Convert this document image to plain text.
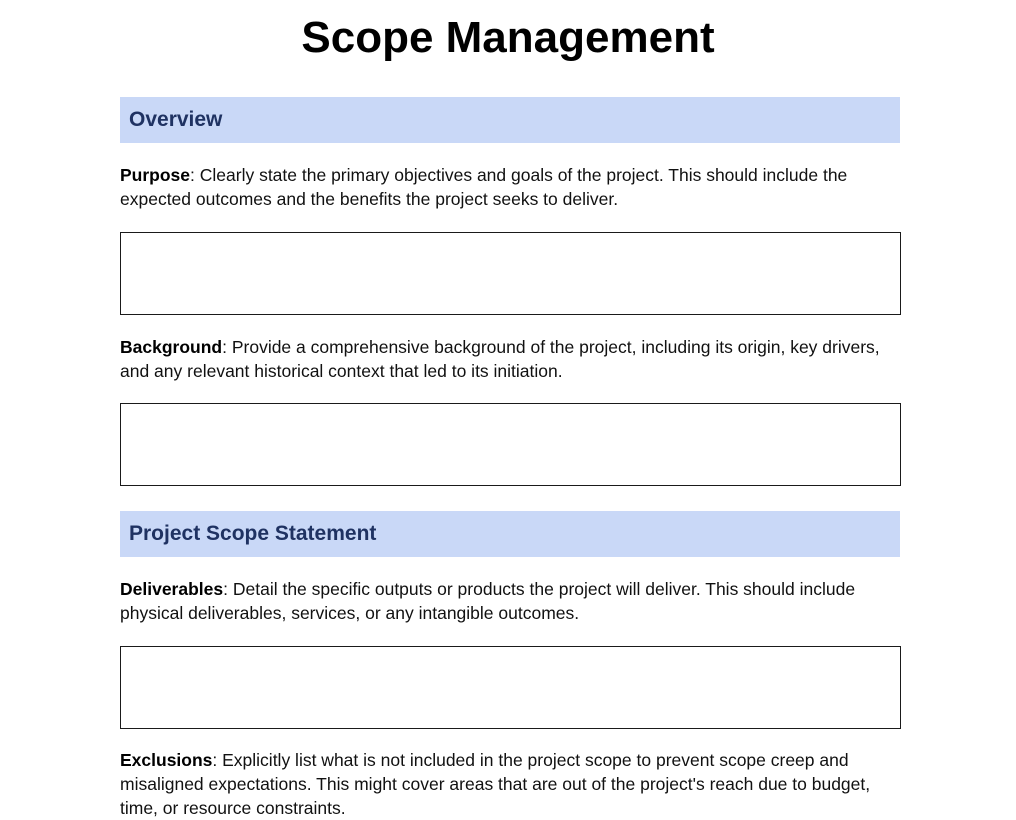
Scope Management
Overview

Purpose: Clearly state the primary objectives and goals of the project. This should include the expected outcomes and the benefits the project seeks to deliver.

Background: Provide a comprehensive background of the project, including its origin, key drivers, and any relevant historical context that led to its initiation.

Project Scope Statement

Deliverables: Detail the specific outputs or products the project will deliver. This should include physical deliverables, services, or any intangible outcomes.

Exclusions: Explicitly list what is not included in the project scope to prevent scope creep and misaligned expectations. This might cover areas that are out of the project's reach due to budget, time, or resource constraints.
